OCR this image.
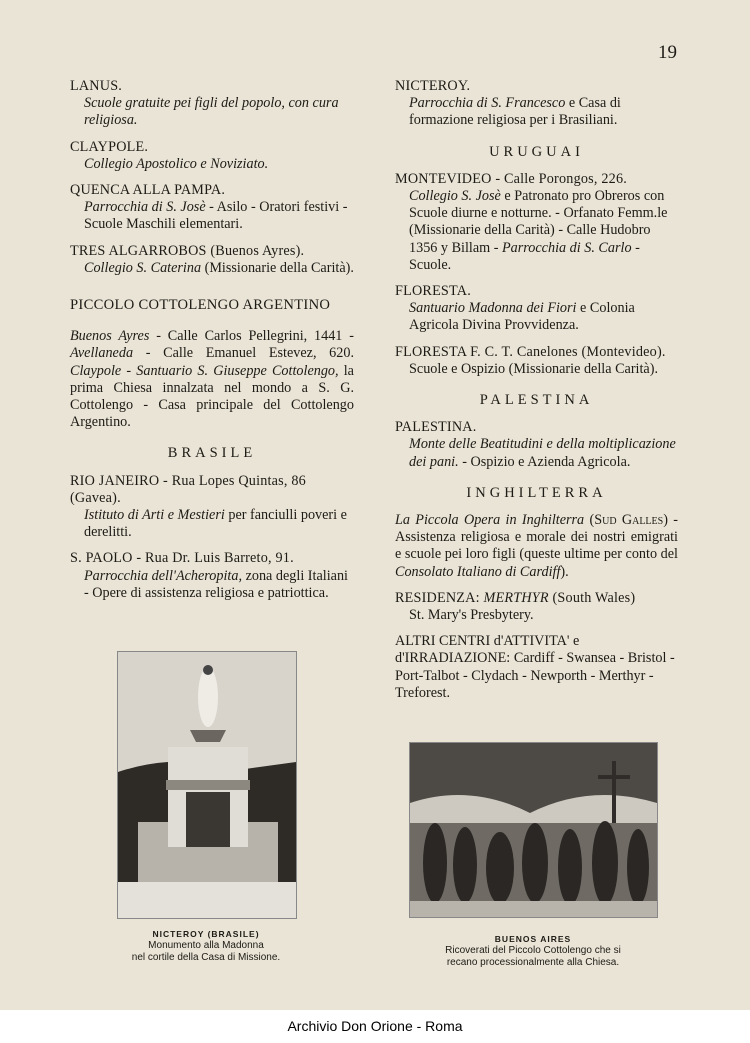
19
LANUS.
Scuole gratuite pei figli del popolo, con cura religiosa.
CLAYPOLE.
Collegio Apostolico e Noviziato.
QUENCA ALLA PAMPA.
Parrocchia di S. Josè - Asilo - Oratori festivi - Scuole Maschili elementari.
TRES ALGARROBOS (Buenos Ayres).
Collegio S. Caterina (Missionarie della Carità).
PICCOLO COTTOLENGO ARGENTINO
Buenos Ayres - Calle Carlos Pellegrini, 1441 - Avellaneda - Calle Emanuel Estevez, 620. Claypole - Santuario S. Giuseppe Cottolengo, la prima Chiesa innalzata nel mondo a S. G. Cottolengo - Casa principale del Cottolengo Argentino.
BRASILE
RIO JANEIRO - Rua Lopes Quintas, 86 (Gavea).
Istituto di Arti e Mestieri per fanciulli poveri e derelitti.
S. PAOLO - Rua Dr. Luis Barreto, 91.
Parrocchia dell'Acheropita, zona degli Italiani - Opere di assistenza religiosa e patriottica.
NICTEROY.
Parrocchia di S. Francesco e Casa di formazione religiosa per i Brasiliani.
URUGUAI
MONTEVIDEO - Calle Porongos, 226.
Collegio S. Josè e Patronato pro Obreros con Scuole diurne e notturne. - Orfanato Femm.le (Missionarie della Carità) - Calle Hudobro 1356 y Billam - Parrocchia di S. Carlo - Scuole.
FLORESTA.
Santuario Madonna dei Fiori e Colonia Agricola Divina Provvidenza.
FLORESTA F. C. T. Canelones (Montevideo).
Scuole e Ospizio (Missionarie della Carità).
PALESTINA
PALESTINA.
Monte delle Beatitudini e della moltiplicazione dei pani. - Ospizio e Azienda Agricola.
INGHILTERRA
La Piccola Opera in Inghilterra (Sud Galles) - Assistenza religiosa e morale dei nostri emigrati e scuole pei loro figli (queste ultime per conto del Consolato Italiano di Cardiff).
RESIDENZA: MERTHYR (South Wales)
St. Mary's Presbytery.
ALTRI CENTRI d'ATTIVITA' e d'IRRADIAZIONE: Cardiff - Swansea - Bristol - Port-Talbot - Clydach - Newporth - Merthyr - Treforest.
NICTEROY (BRASILE)
Monumento alla Madonna
nel cortile della Casa di Missione.
BUENOS AIRES
Ricoverati del Piccolo Cottolengo che si
recano processionalmente alla Chiesa.
Archivio Don Orione - Roma
